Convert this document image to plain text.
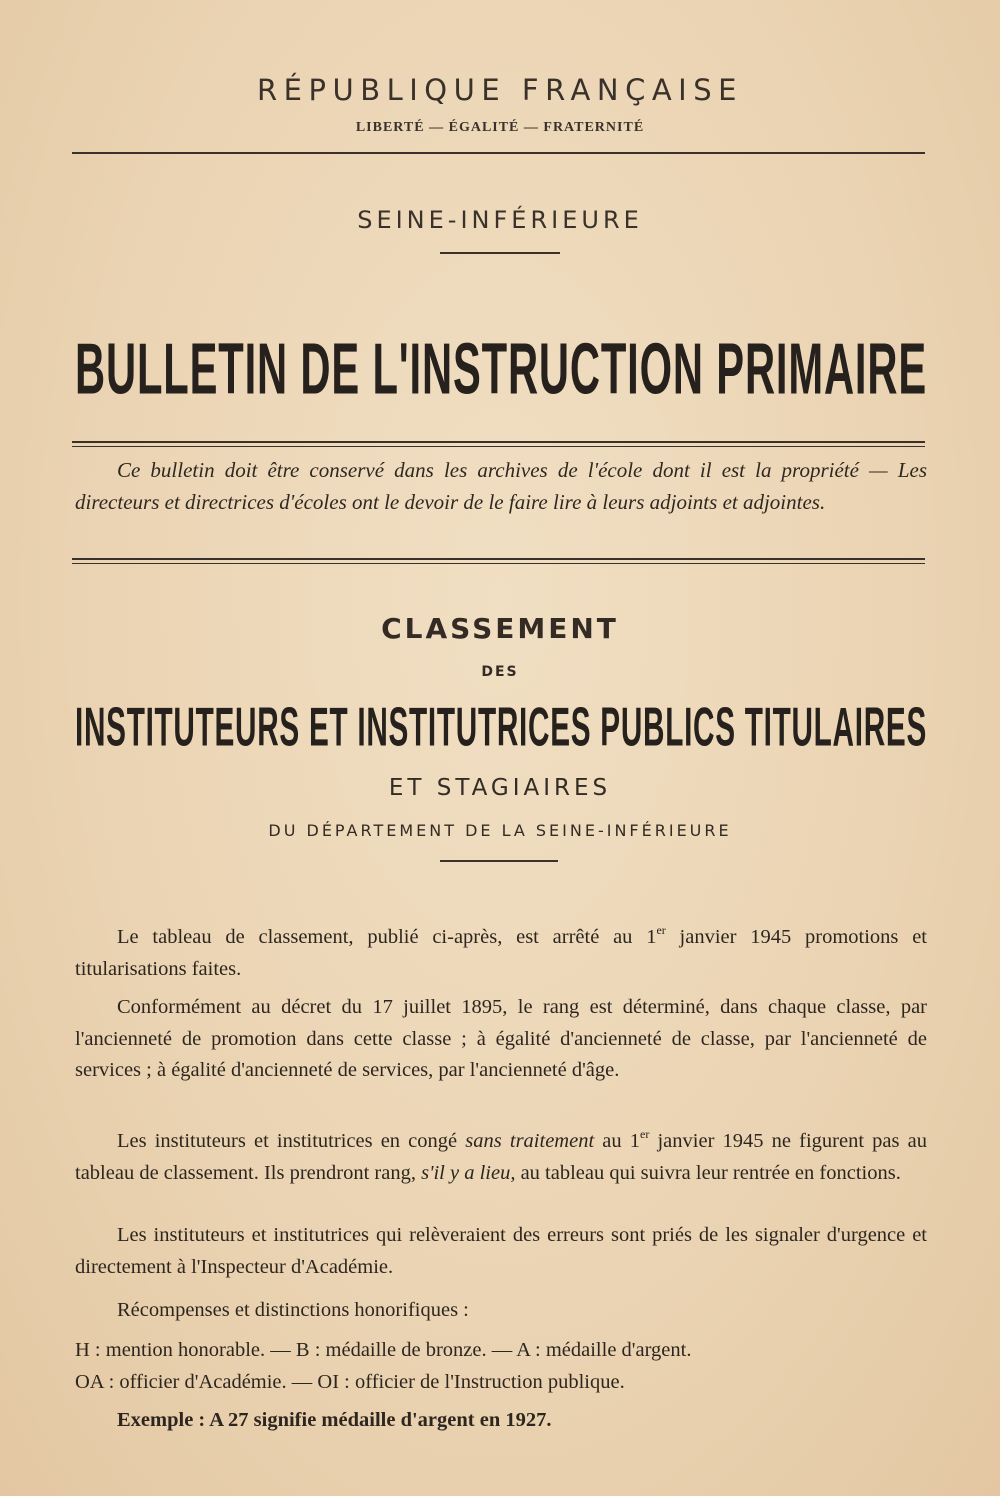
RÉPUBLIQUE FRANÇAISE
LIBERTÉ — ÉGALITÉ — FRATERNITÉ
SEINE-INFÉRIEURE
BULLETIN DE L'INSTRUCTION PRIMAIRE

Ce bulletin doit être conservé dans les archives de l'école dont il est la propriété — Les directeurs et directrices d'écoles ont le devoir de le faire lire à leurs adjoints et adjointes.

CLASSEMENT
DES
INSTITUTEURS ET INSTITUTRICES PUBLICS TITULAIRES
ET STAGIAIRES
DU DÉPARTEMENT DE LA SEINE-INFÉRIEURE

Le tableau de classement, publié ci-après, est arrêté au 1er janvier 1945 promotions et titularisations faites.

Conformément au décret du 17 juillet 1895, le rang est déterminé, dans chaque classe, par l'ancienneté de promotion dans cette classe ; à égalité d'ancienneté de classe, par l'ancienneté de services ; à égalité d'ancienneté de services, par l'ancienneté d'âge.

Les instituteurs et institutrices en congé sans traitement au 1er janvier 1945 ne figurent pas au tableau de classement. Ils prendront rang, s'il y a lieu, au tableau qui suivra leur rentrée en fonctions.

Les instituteurs et institutrices qui relèveraient des erreurs sont priés de les signaler d'urgence et directement à l'Inspecteur d'Académie.

Récompenses et distinctions honorifiques :
H : mention honorable. — B : médaille de bronze. — A : médaille d'argent.
OA : officier d'Académie. — OI : officier de l'Instruction publique.
Exemple : A 27 signifie médaille d'argent en 1927.
